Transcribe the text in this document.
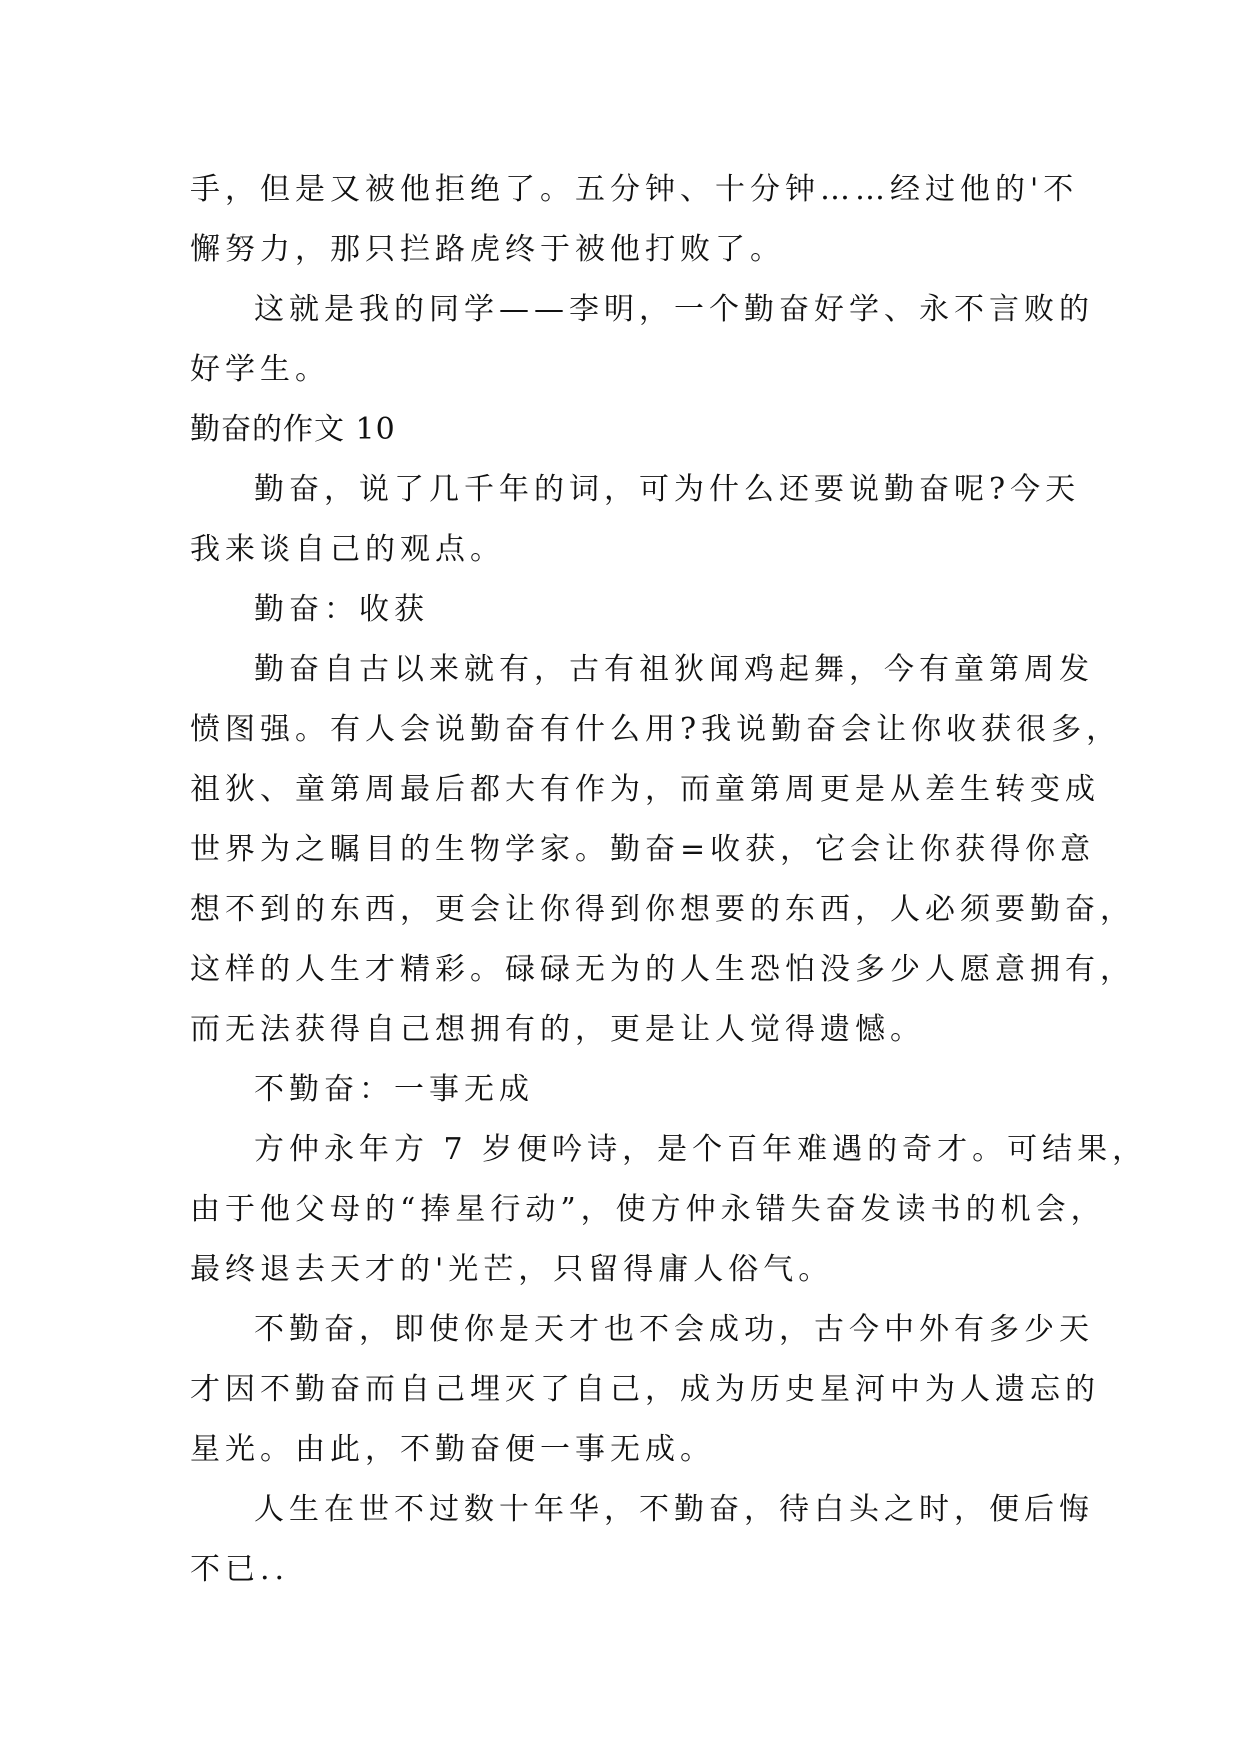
手，但是又被他拒绝了。五分钟、十分钟……经过他的'不
懈努力，那只拦路虎终于被他打败了。
这就是我的同学——李明，一个勤奋好学、永不言败的
好学生。
勤奋的作文 10
勤奋，说了几千年的词，可为什么还要说勤奋呢?今天
我来谈自己的观点。
勤奋：收获
勤奋自古以来就有，古有祖狄闻鸡起舞，今有童第周发
愤图强。有人会说勤奋有什么用?我说勤奋会让你收获很多，
祖狄、童第周最后都大有作为，而童第周更是从差生转变成
世界为之瞩目的生物学家。勤奋=收获，它会让你获得你意
想不到的东西，更会让你得到你想要的东西，人必须要勤奋，
这样的人生才精彩。碌碌无为的人生恐怕没多少人愿意拥有，
而无法获得自己想拥有的，更是让人觉得遗憾。
不勤奋：一事无成
方仲永年方 7 岁便吟诗，是个百年难遇的奇才。可结果，
由于他父母的“捧星行动”，使方仲永错失奋发读书的机会，
最终退去天才的'光芒，只留得庸人俗气。
不勤奋，即使你是天才也不会成功，古今中外有多少天
才因不勤奋而自己埋灭了自己，成为历史星河中为人遗忘的
星光。由此，不勤奋便一事无成。
人生在世不过数十年华，不勤奋，待白头之时，便后悔
不已..
